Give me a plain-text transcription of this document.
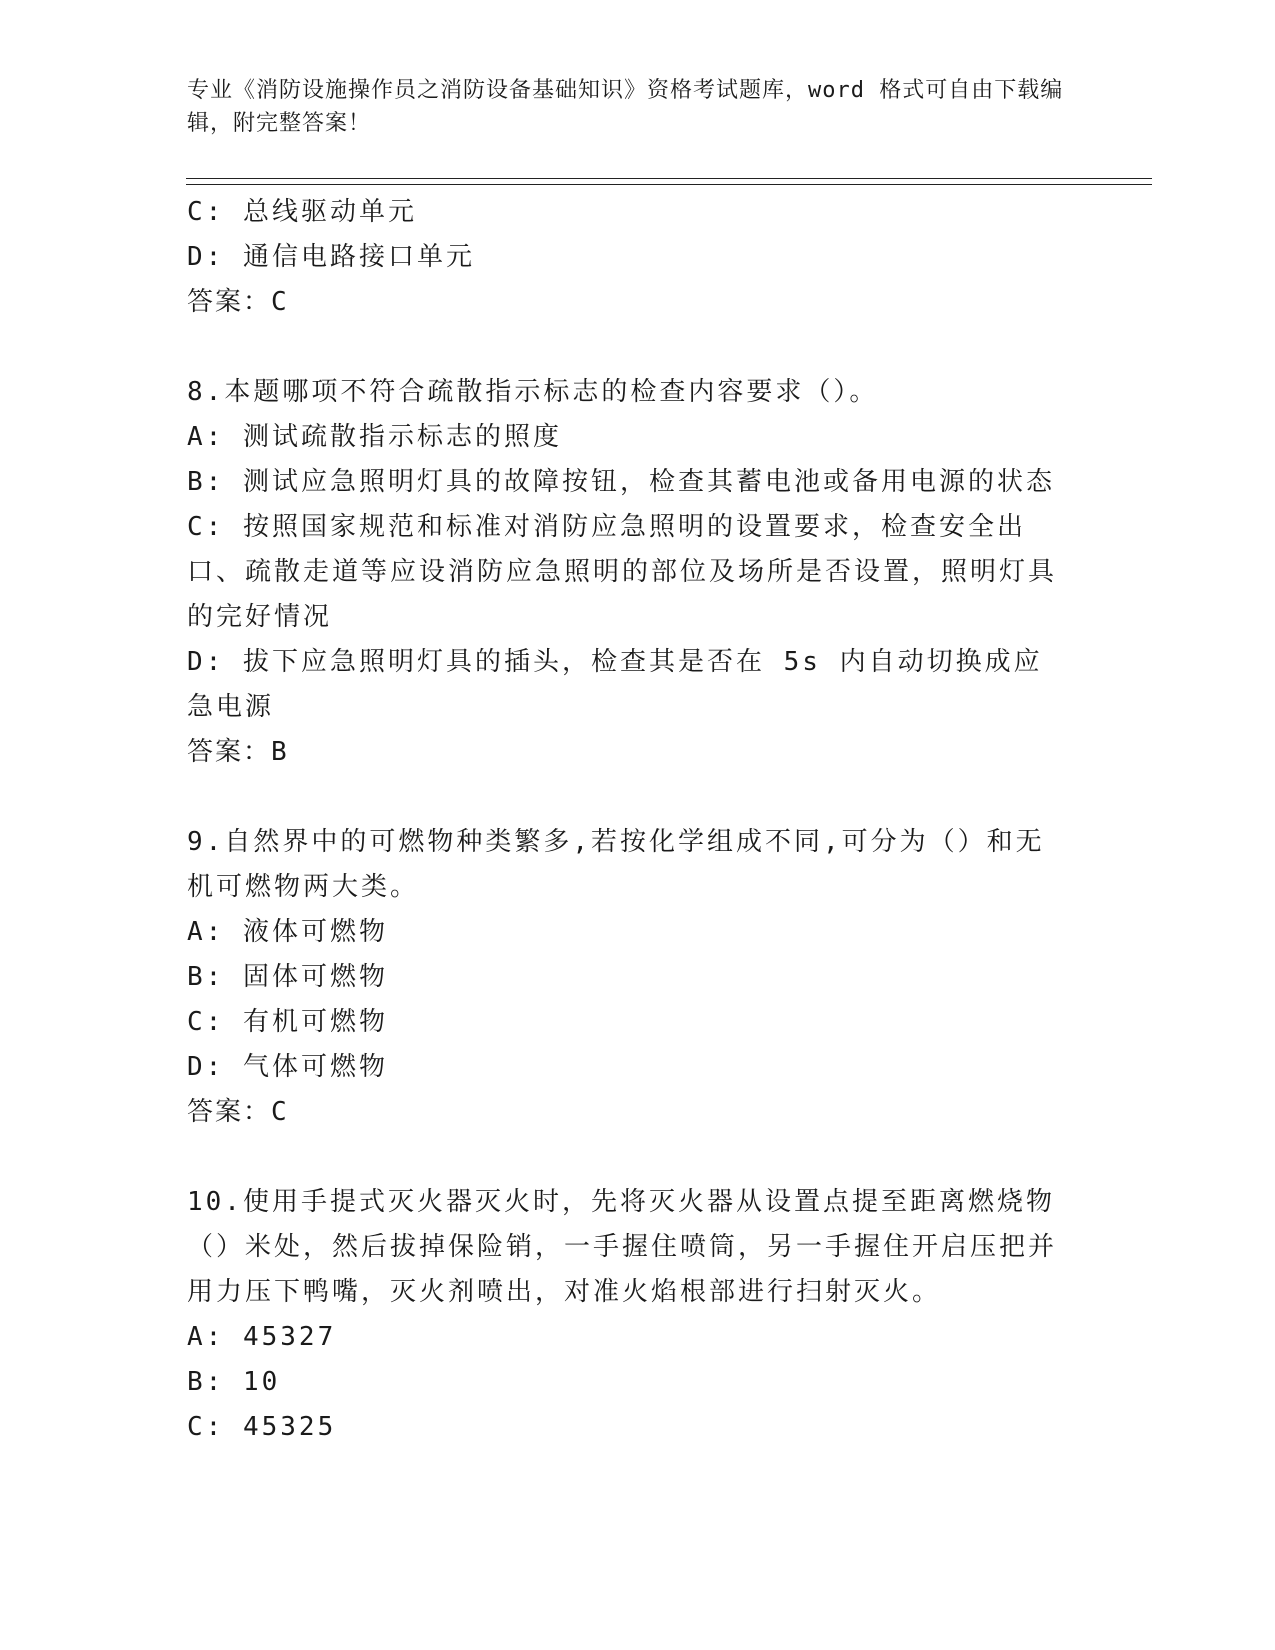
专业《消防设施操作员之消防设备基础知识》资格考试题库，word 格式可自由下载编辑，附完整答案！

C: 总线驱动单元

D: 通信电路接口单元

答案：C

8.本题哪项不符合疏散指示标志的检查内容要求（）。

A: 测试疏散指示标志的照度

B: 测试应急照明灯具的故障按钮，检查其蓄电池或备用电源的状态

C: 按照国家规范和标准对消防应急照明的设置要求，检查安全出口、疏散走道等应设消防应急照明的部位及场所是否设置，照明灯具的完好情况

D: 拔下应急照明灯具的插头，检查其是否在 5s 内自动切换成应急电源

答案：B

9.自然界中的可燃物种类繁多,若按化学组成不同,可分为（）和无机可燃物两大类。

A: 液体可燃物

B: 固体可燃物

C: 有机可燃物

D: 气体可燃物

答案：C

10.使用手提式灭火器灭火时，先将灭火器从设置点提至距离燃烧物（）米处，然后拔掉保险销，一手握住喷筒，另一手握住开启压把并用力压下鸭嘴，灭火剂喷出，对准火焰根部进行扫射灭火。

A: 45327

B: 10

C: 45325
